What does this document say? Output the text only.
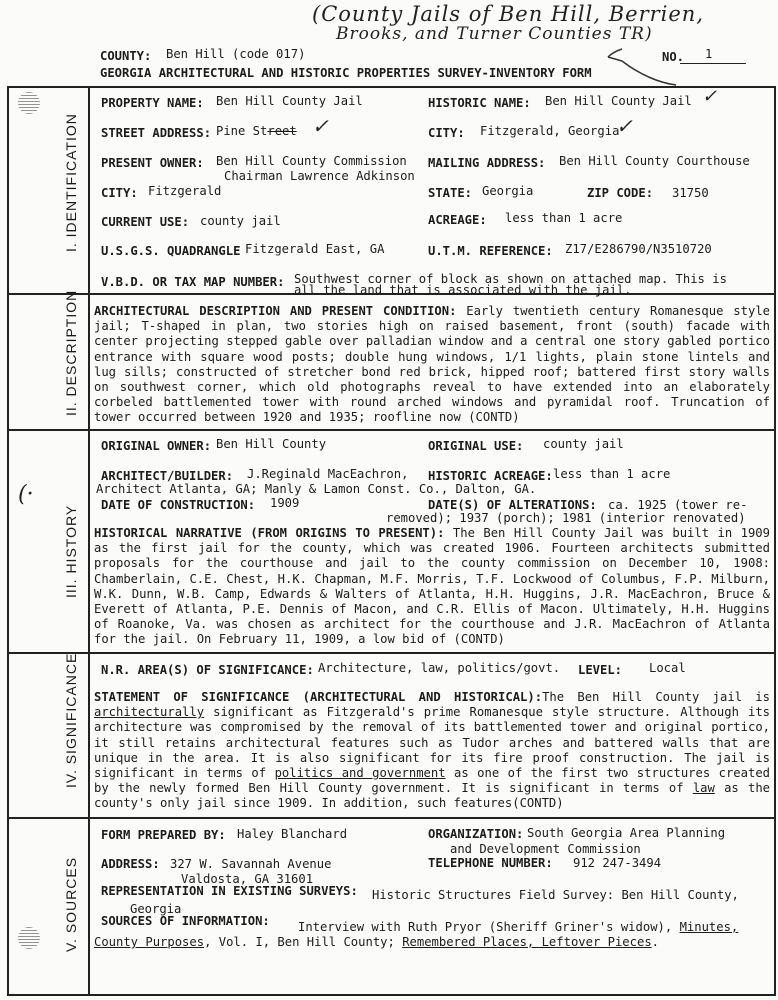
(County Jails of Ben Hill, Berrien,
Brooks, and Turner Counties TR)
COUNTY: Ben Hill (code 017)
GEORGIA ARCHITECTURAL AND HISTORIC PROPERTIES SURVEY-INVENTORY FORM
NO. 1
(·
I. IDENTIFICATION
II. DESCRIPTION
III. HISTORY
IV. SIGNIFICANCE
V. SOURCES
PROPERTY NAME: Ben Hill County Jail	HISTORIC NAME: Ben Hill County Jail ✓
STREET ADDRESS: Pine Street ✓	CITY: Fitzgerald, Georgia
✓
PRESENT OWNER: Ben Hill County Commission
Chairman Lawrence Adkinson
MAILING ADDRESS: Ben Hill County Courthouse
CITY: Fitzgerald	STATE: Georgia	ZIP CODE: 31750
CURRENT USE: county jail	ACREAGE: less than 1 acre
U.S.G.S. QUADRANGLE Fitzgerald East, GA	U.T.M. REFERENCE: Z17/E286790/N3510720
V.B.D. OR TAX MAP NUMBER: Southwest corner of block as shown on attached map. This is
all the land that is associated with the jail.
ARCHITECTURAL DESCRIPTION AND PRESENT CONDITION: Early twentieth century Romanesque style jail; T-shaped in plan, two stories high on raised basement, front (south) facade with center projecting stepped gable over palladian window and a central one story gabled portico entrance with square wood posts; double hung windows, 1/1 lights, plain stone lintels and lug sills; constructed of stretcher bond red brick, hipped roof; battered first story walls on southwest corner, which old photographs reveal to have extended into an elaborately corbeled battlemented tower with round arched windows and pyramidal roof. Truncation of tower occurred between 1920 and 1935; roofline now (CONTD)
ORIGINAL OWNER: Ben Hill County	ORIGINAL USE: county jail
ARCHITECT/BUILDER: J.Reginald MacEachron,
Architect Atlanta, GA; Manly & Lamon Const. Co., Dalton, GA.
HISTORIC ACREAGE: less than 1 acre
DATE OF CONSTRUCTION: 1909	DATE(S) OF ALTERATIONS: ca. 1925 (tower re-
removed); 1937 (porch); 1981 (interior renovated)
HISTORICAL NARRATIVE (FROM ORIGINS TO PRESENT): The Ben Hill County Jail was built in 1909 as the first jail for the county, which was created 1906. Fourteen architects submitted proposals for the courthouse and jail to the county commission on December 10, 1908: Chamberlain, C.E. Chest, H.K. Chapman, M.F. Morris, T.F. Lockwood of Columbus, F.P. Milburn, W.K. Dunn, W.B. Camp, Edwards & Walters of Atlanta, H.H. Huggins, J.R. MacEachron, Bruce & Everett of Atlanta, P.E. Dennis of Macon, and C.R. Ellis of Macon. Ultimately, H.H. Huggins of Roanoke, Va. was chosen as architect for the courthouse and J.R. MacEachron of Atlanta for the jail. On February 11, 1909, a low bid of (CONTD)
N.R. AREA(S) OF SIGNIFICANCE: Architecture, law, politics/govt. LEVEL: Local
STATEMENT OF SIGNIFICANCE (ARCHITECTURAL AND HISTORICAL):The Ben Hill County jail is architecturally significant as Fitzgerald's prime Romanesque style structure. Although its architecture was compromised by the removal of its battlemented tower and original portico, it still retains architectural features such as Tudor arches and battered walls that are unique in the area. It is also significant for its fire proof construction. The jail is significant in terms of politics and government as one of the first two structures created by the newly formed Ben Hill County government. It is significant in terms of law as the county's only jail since 1909. In addition, such features(CONTD)
FORM PREPARED BY: Haley Blanchard	ORGANIZATION: South Georgia Area Planning
and Development Commission
ADDRESS: 327 W. Savannah Avenue
Valdosta, GA 31601
TELEPHONE NUMBER: 912 247-3494
REPRESENTATION IN EXISTING SURVEYS: Historic Structures Field Survey: Ben Hill County,
Georgia
SOURCES OF INFORMATION: Interview with Ruth Pryor (Sheriff Griner's widow), Minutes,
County Purposes, Vol. I, Ben Hill County; Remembered Places, Leftover Pieces.
